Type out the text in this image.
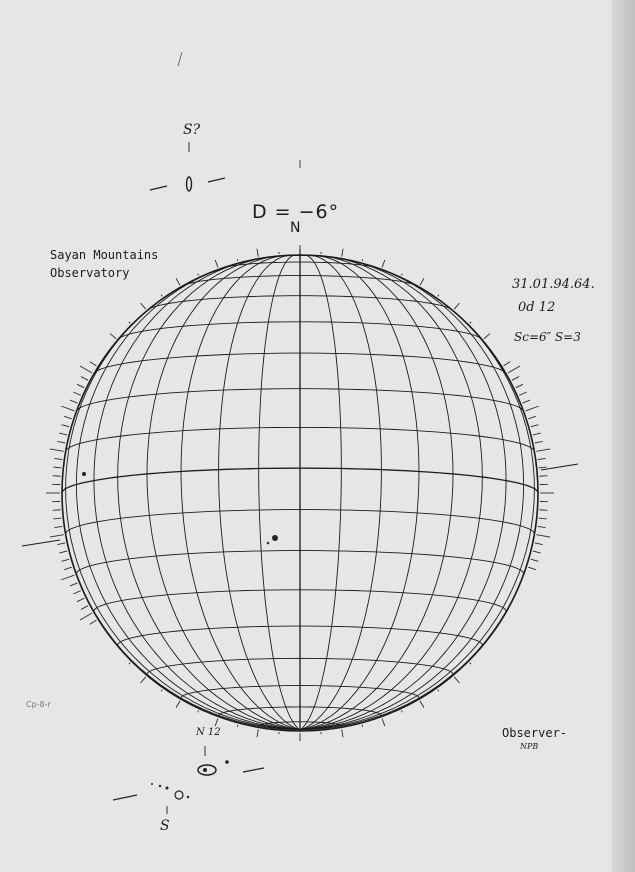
D = −6°
N
Sayan Mountains
Observatory
31.01.94.64.
0d 12
Sc=6″ S=3
Observer-
NPB
S?
N 12
S
Cp-8-r
